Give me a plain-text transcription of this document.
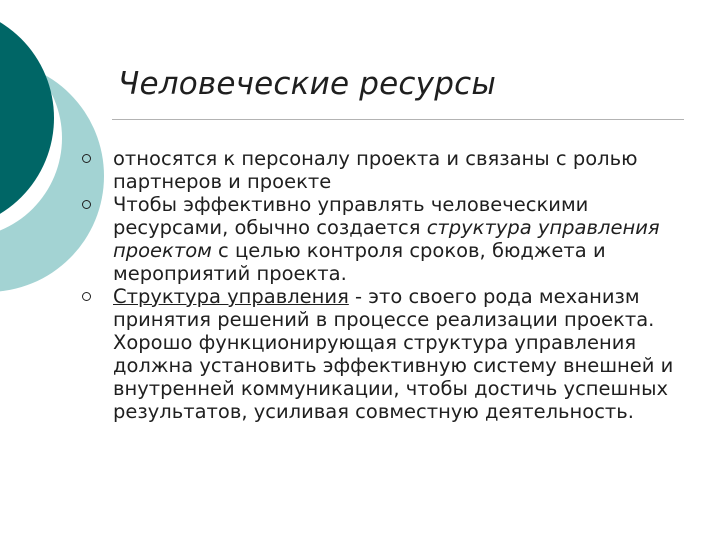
Человеческие ресурсы
относятся к персоналу проекта и связаны с ролью партнеров и проекте
Чтобы эффективно управлять человеческими ресурсами, обычно создается структура управления проектом с целью контроля сроков, бюджета и мероприятий проекта.
Структура управления - это своего рода механизм принятия решений в процессе реализации проекта. Хорошо функционирующая структура управления должна установить эффективную систему внешней и внутренней коммуникации, чтобы достичь успешных результатов, усиливая совместную деятельность.
